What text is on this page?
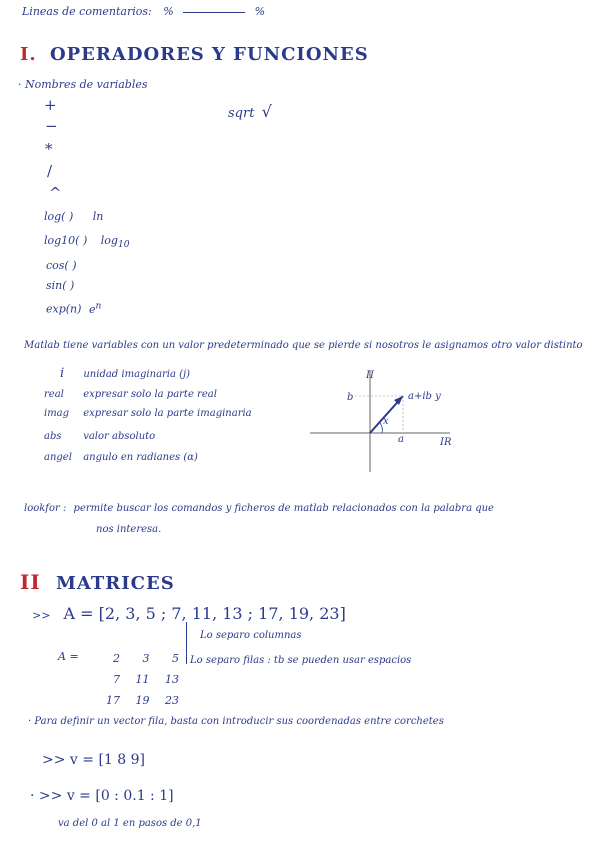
Lineas de comentarios: %	%
I. OPERADORES Y FUNCIONES
· Nombres de variables
+
−
*
/
^
sqrt √
log( ) ln
log10( ) $\log_{10}$
cos( )
sin( )
exp(n) $e^n$
Matlab tiene variables con un valor predeterminado que se pierde si nosotros le asignamos otro valor distinto
i unidad imaginaria (j)
real expresar solo la parte real
imag expresar solo la parte imaginaria
abs valor absoluto
angel angulo en radianes (α)
II
IR
b
a
a+ib y
x
lookfor : permite buscar los comandos y ficheros de matlab relacionados con la palabra que
nos interesa.
II MATRICES
>> A = [2, 3, 5 ; 7, 11, 13 ; 17, 19, 23]
Lo separo columnas
Lo separo filas : tb se pueden usar espacios
A =	2 3 5
7 11 13
17 19 23
· Para definir un vector fila, basta con introducir sus coordenadas entre corchetes
>> v = [1 8 9]
· >> v = [0 : 0.1 : 1]
va del 0 al 1 en pasos de 0,1
